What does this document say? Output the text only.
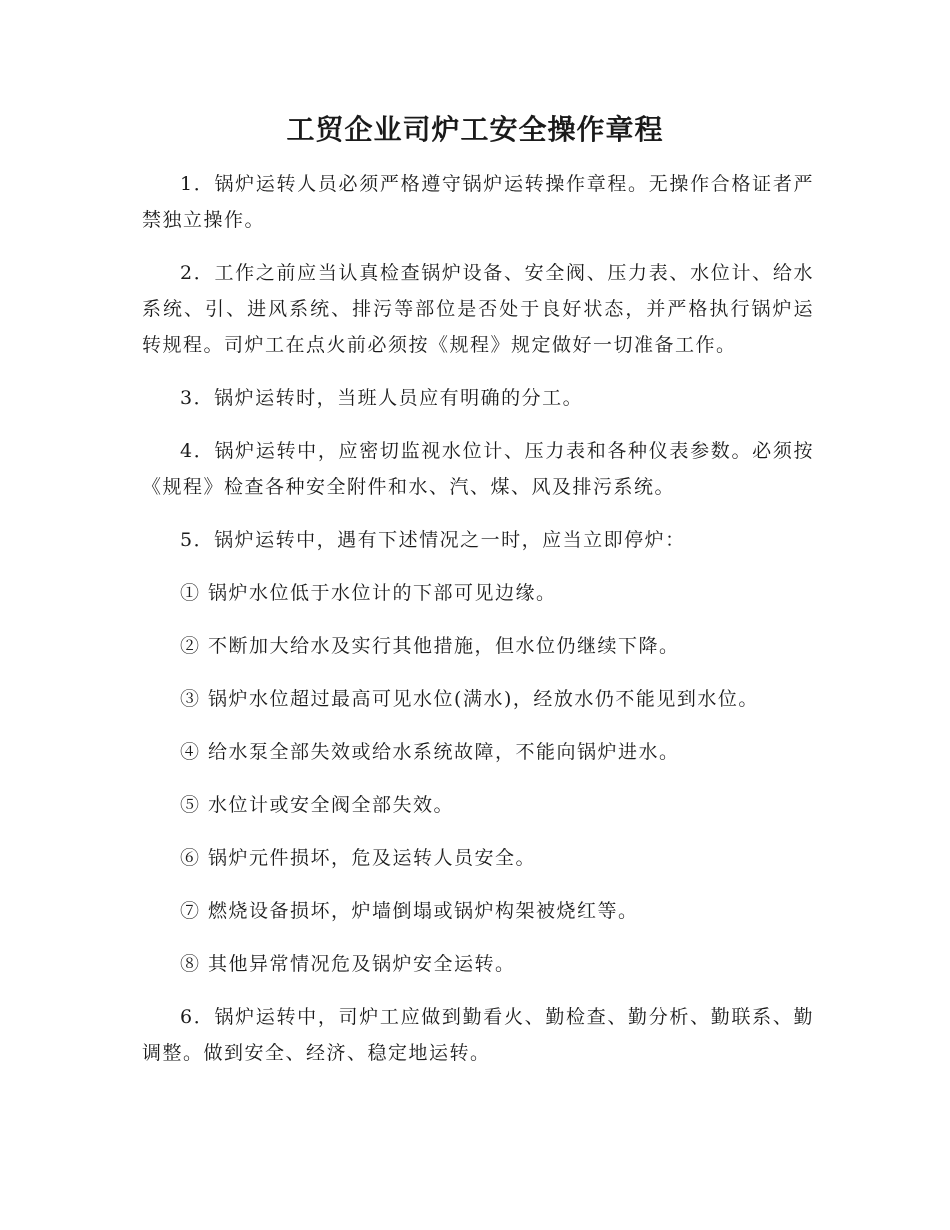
工贸企业司炉工安全操作章程

1．锅炉运转人员必须严格遵守锅炉运转操作章程。无操作合格证者严禁独立操作。

2．工作之前应当认真检查锅炉设备、安全阀、压力表、水位计、给水系统、引、进风系统、排污等部位是否处于良好状态，并严格执行锅炉运转规程。司炉工在点火前必须按《规程》规定做好一切准备工作。

3．锅炉运转时，当班人员应有明确的分工。

4．锅炉运转中，应密切监视水位计、压力表和各种仪表参数。必须按《规程》检查各种安全附件和水、汽、煤、风及排污系统。

5．锅炉运转中，遇有下述情况之一时，应当立即停炉：

① 锅炉水位低于水位计的下部可见边缘。

② 不断加大给水及实行其他措施，但水位仍继续下降。

③ 锅炉水位超过最高可见水位(满水)，经放水仍不能见到水位。

④ 给水泵全部失效或给水系统故障，不能向锅炉进水。

⑤ 水位计或安全阀全部失效。

⑥ 锅炉元件损坏，危及运转人员安全。

⑦ 燃烧设备损坏，炉墙倒塌或锅炉构架被烧红等。

⑧ 其他异常情况危及锅炉安全运转。

6．锅炉运转中，司炉工应做到勤看火、勤检查、勤分析、勤联系、勤调整。做到安全、经济、稳定地运转。
